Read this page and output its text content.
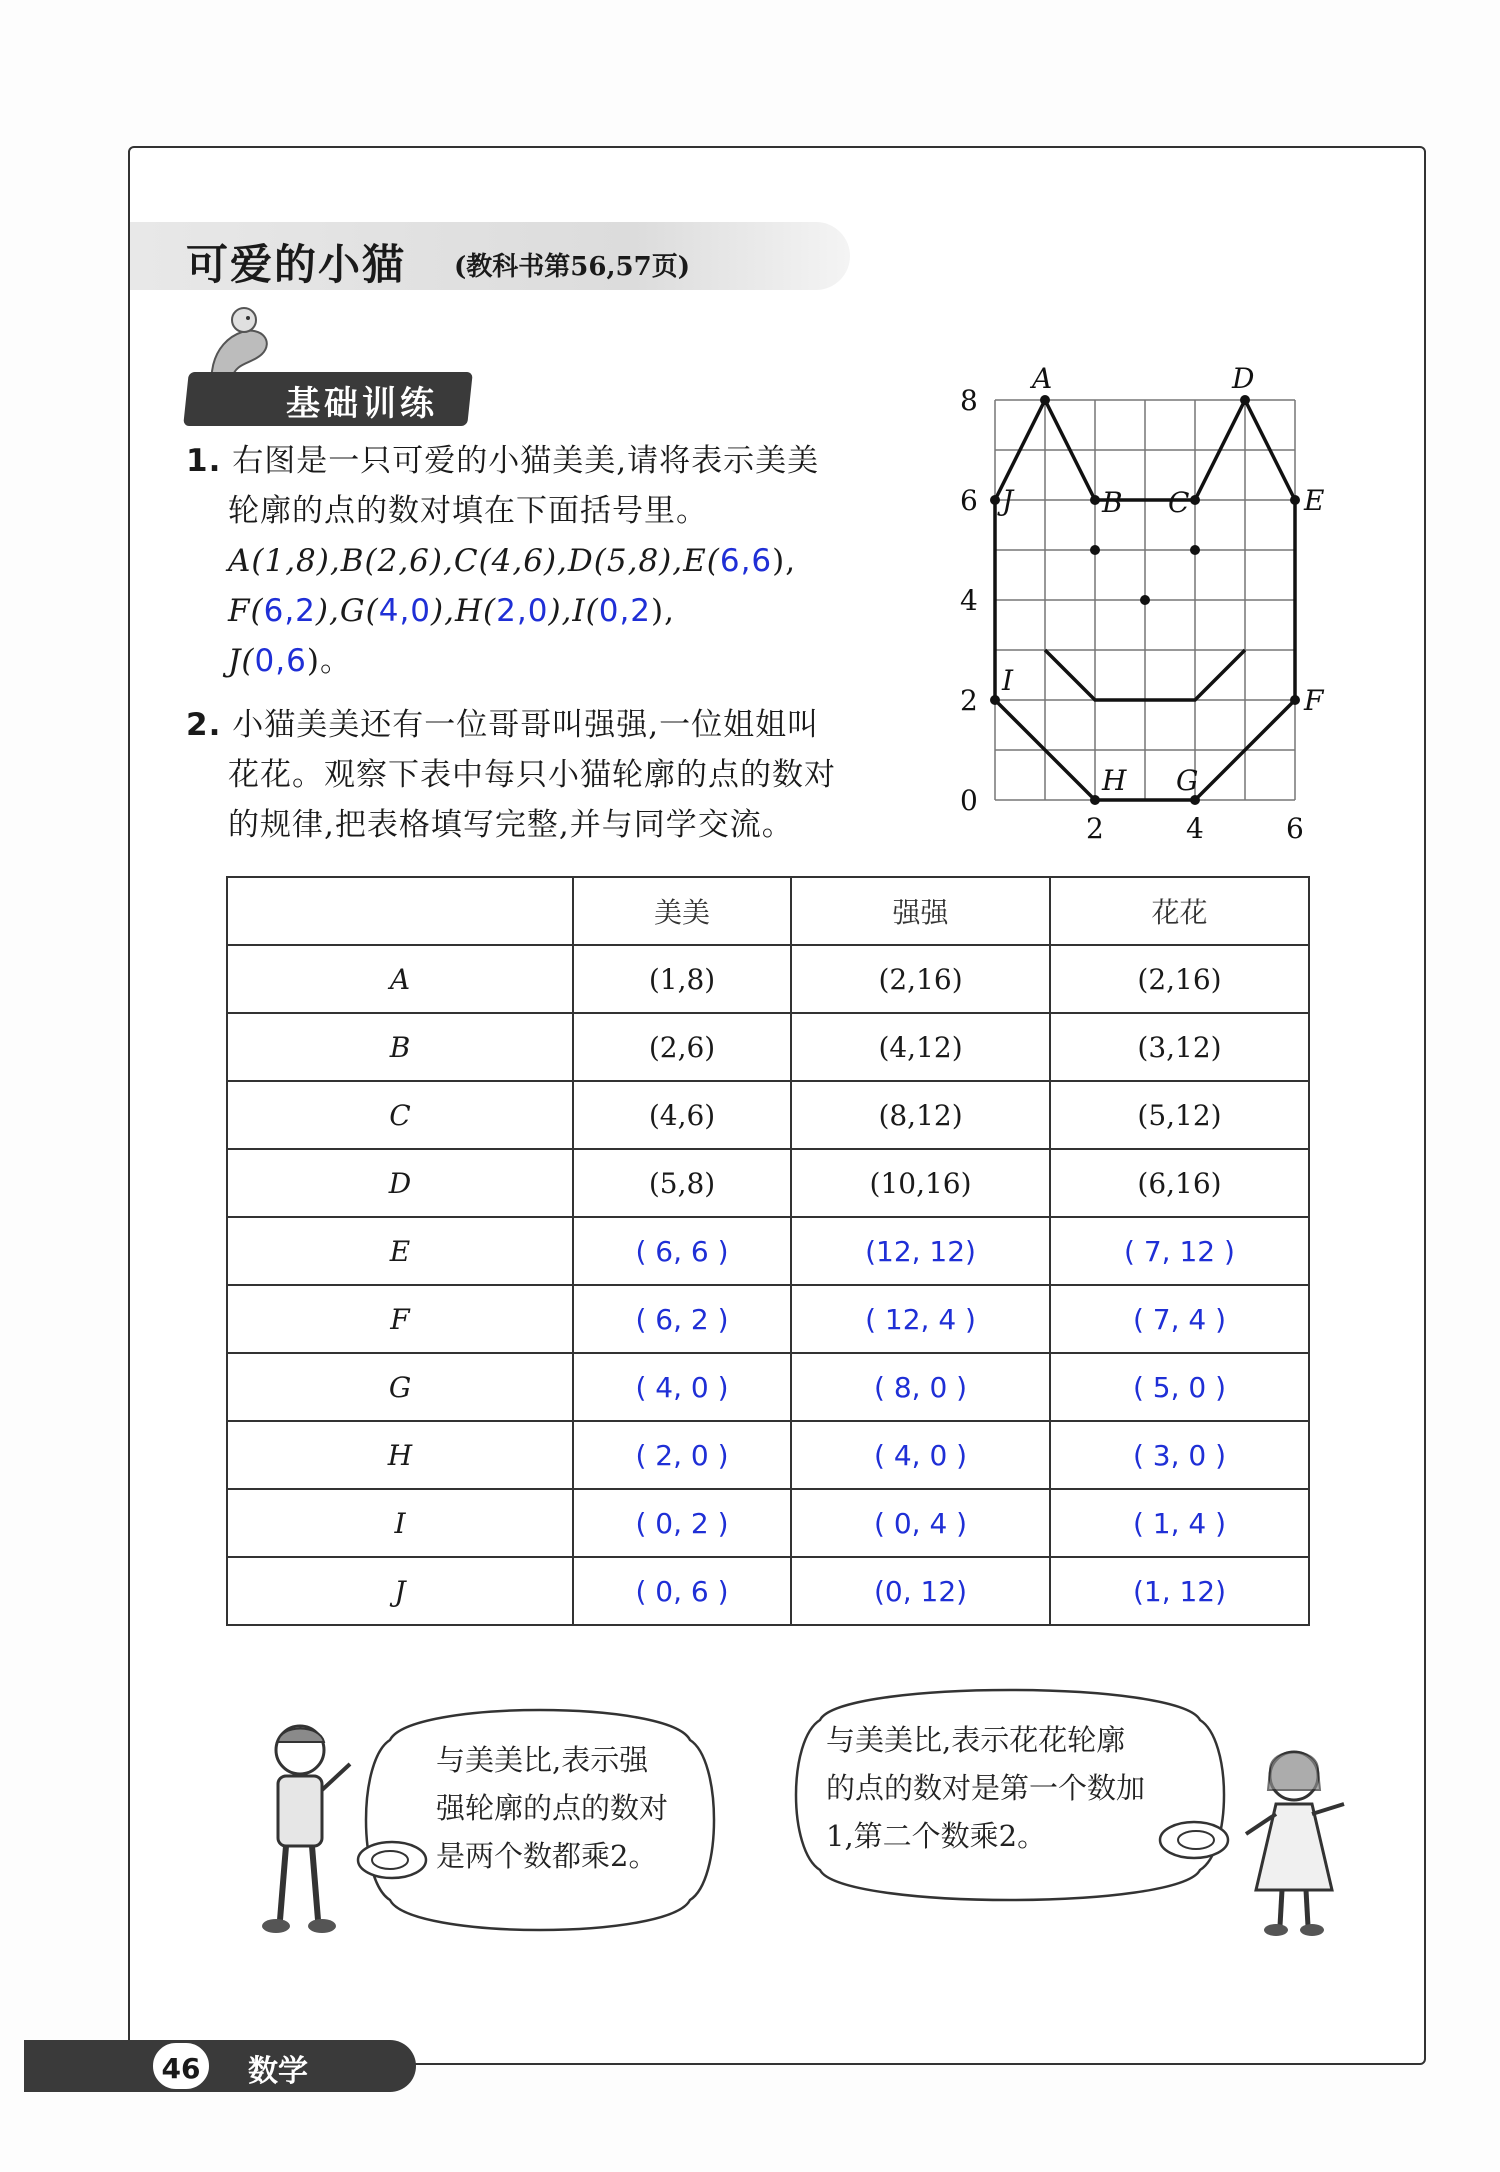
可爱的小猫 (教科书第56,57页)
基础训练
1. 右图是一只可爱的小猫美美,请将表示美美
轮廓的点的数对填在下面括号里。
A(1,8),B(2,6),C(4,6),D(5,8),E(6,6),
F(6,2),G(4,0),H(2,0),I(0,2),
J(0,6)。
2. 小猫美美还有一位哥哥叫强强,一位姐姐叫
花花。观察下表中每只小猫轮廓的点的数对
的规律,把表格填写完整,并与同学交流。
A
B C
D
E
F
G
H
I
J
8
6
4
2
0
2	4	6
	美美	强强	花花
A	(1,8)	(2,16)	(2,16)
B	(2,6)	(4,12)	(3,12)
C	(4,6)	(8,12)	(5,12)
D	(5,8)	(10,16)	(6,16)
E	( 6, 6 )	(12, 12)	( 7, 12 )
F	( 6, 2 )	( 12, 4 )	( 7, 4 )
G	( 4, 0 )	( 8, 0 )	( 5, 0 )
H	( 2, 0 )	( 4, 0 )	( 3, 0 )
I	( 0, 2 )	( 0, 4 )	( 1, 4 )
J	( 0, 6 )	(0, 12)	(1, 12)
与美美比,表示强
强轮廓的点的数对
是两个数都乘2。
与美美比,表示花花轮廓
的点的数对是第一个数加
1,第二个数乘2。
46	数学
